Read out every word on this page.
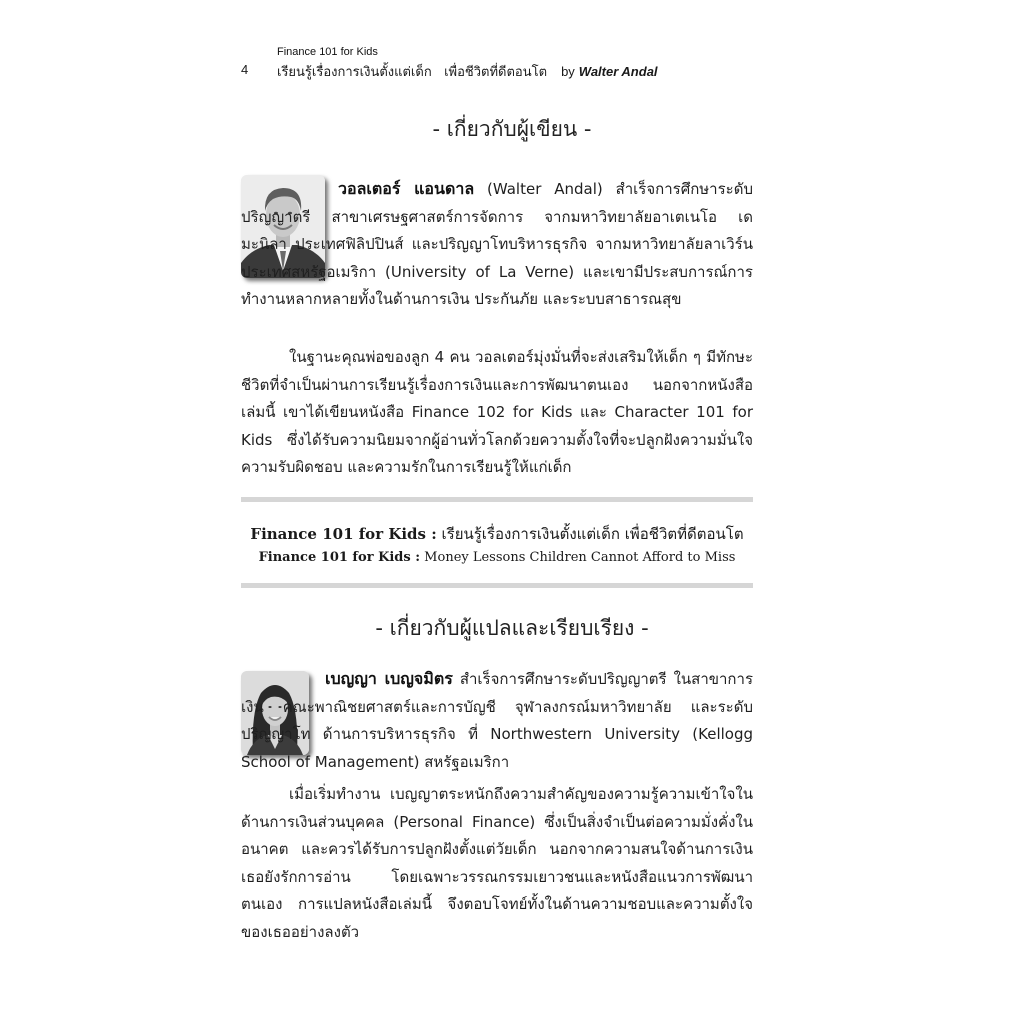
Finance 101 for Kids
4 เรียนรู้เรื่องการเงินตั้งแต่เด็ก   เพื่อชีวิตที่ดีตอนโต by Walter Andal
- เกี่ยวกับผู้เขียน -
วอลเตอร์ แอนดาล (Walter Andal) สำเร็จการศึกษาระดับปริญญาตรี สาขาเศรษฐศาสตร์การจัดการ จากมหาวิทยาลัยอาเตเนโอ เด มะนิลา ประเทศฟิลิปปินส์ และปริญญาโทบริหารธุรกิจ จากมหาวิทยาลัยลาเวิร์น ประเทศสหรัฐอเมริกา (University of La Verne) และเขามีประสบการณ์การทำงานหลากหลายทั้งในด้านการเงิน ประกันภัย และระบบสาธารณสุข
ในฐานะคุณพ่อของลูก 4 คน วอลเตอร์มุ่งมั่นที่จะส่งเสริมให้เด็ก ๆ มีทักษะชีวิตที่จำเป็นผ่านการเรียนรู้เรื่องการเงินและการพัฒนาตนเอง นอกจากหนังสือเล่มนี้ เขาได้เขียนหนังสือ Finance 102 for Kids และ Character 101 for Kids ซึ่งได้รับความนิยมจากผู้อ่านทั่วโลกด้วยความตั้งใจที่จะปลูกฝังความมั่นใจ ความรับผิดชอบ และความรักในการเรียนรู้ให้แก่เด็ก
Finance 101 for Kids : เรียนรู้เรื่องการเงินตั้งแต่เด็ก เพื่อชีวิตที่ดีตอนโต
Finance 101 for Kids : Money Lessons Children Cannot Afford to Miss
- เกี่ยวกับผู้แปลและเรียบเรียง -
เบญญา เบญจมิตร สำเร็จการศึกษาระดับปริญญาตรี ในสาขาการเงิน คณะพาณิชยศาสตร์และการบัญชี จุฬาลงกรณ์มหาวิทยาลัย และระดับปริญญาโท ด้านการบริหารธุรกิจ ที่ Northwestern University (Kellogg School of Management) สหรัฐอเมริกา
เมื่อเริ่มทำงาน เบญญาตระหนักถึงความสำคัญของความรู้ความเข้าใจในด้านการเงินส่วนบุคคล (Personal Finance) ซึ่งเป็นสิ่งจำเป็นต่อความมั่งคั่งในอนาคต และควรได้รับการปลูกฝังตั้งแต่วัยเด็ก นอกจากความสนใจด้านการเงิน เธอยังรักการอ่าน โดยเฉพาะวรรณกรรมเยาวชนและหนังสือแนวการพัฒนาตนเอง การแปลหนังสือเล่มนี้ จึงตอบโจทย์ทั้งในด้านความชอบและความตั้งใจของเธออย่างลงตัว
